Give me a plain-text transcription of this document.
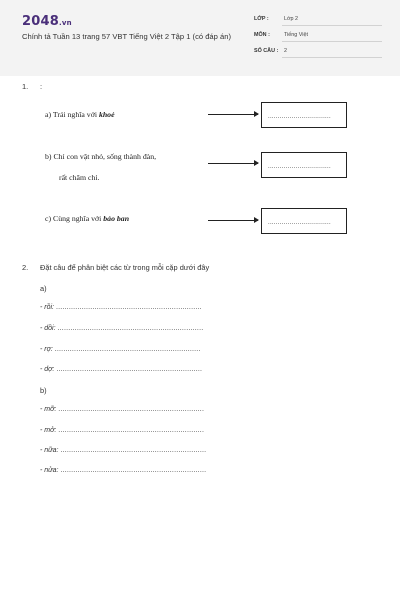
2048.vn
Chính tả Tuần 13 trang 57 VBT Tiếng Việt 2 Tập 1 (có đáp án)
LỚP :	Lớp 2
MÔN :	Tiếng Việt
SỐ CÂU : 2
1. :
a) Trái nghĩa với khoẻ	................................
b) Chỉ con vật nhỏ, sống thành đàn,
rất chăm chỉ.
................................
c) Cùng nghĩa với bảo ban	................................
2. Đặt câu để phân biệt các từ trong mỗi cặp dưới đây
a)
- rồi: ....................................................................
- dồi: ....................................................................
- rợ: ....................................................................
- dợ: ....................................................................
b)
- mỡ: ....................................................................
- mở: ....................................................................
- nữa: ....................................................................
- nửa: ....................................................................
